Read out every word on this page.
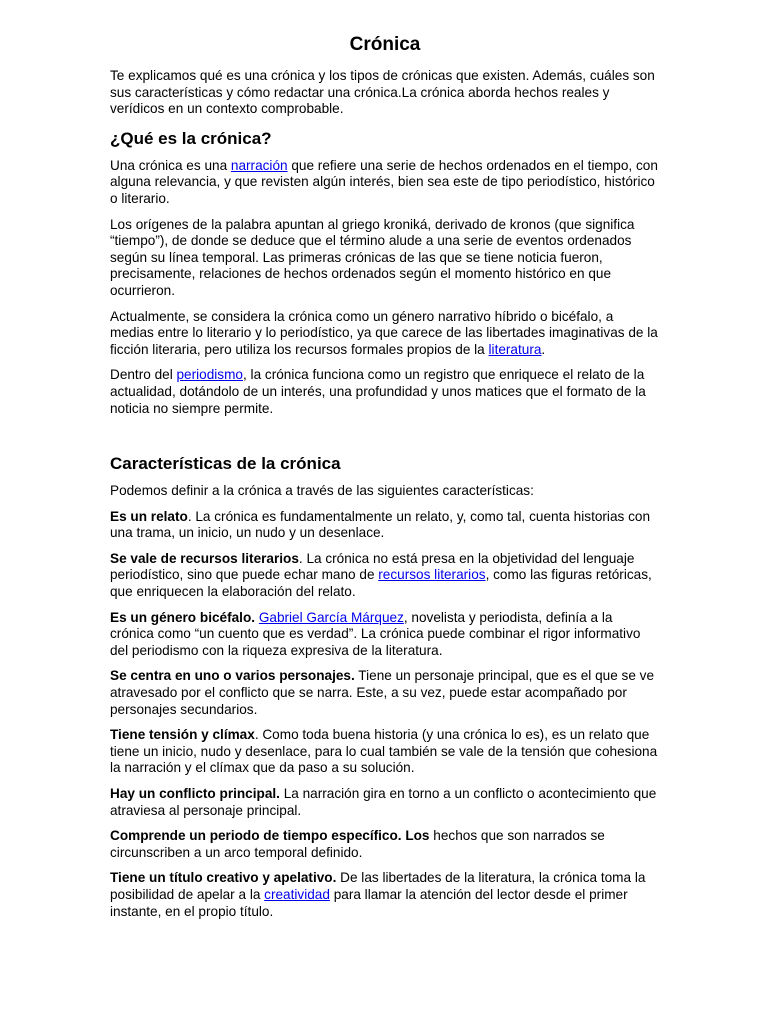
Crónica

Te explicamos qué es una crónica y los tipos de crónicas que existen. Además, cuáles son sus características y cómo redactar una crónica.La crónica aborda hechos reales y verídicos en un contexto comprobable.

¿Qué es la crónica?

Una crónica es una narración que refiere una serie de hechos ordenados en el tiempo, con alguna relevancia, y que revisten algún interés, bien sea este de tipo periodístico, histórico o literario.

Los orígenes de la palabra apuntan al griego kroniká, derivado de kronos (que significa “tiempo”), de donde se deduce que el término alude a una serie de eventos ordenados según su línea temporal. Las primeras crónicas de las que se tiene noticia fueron, precisamente, relaciones de hechos ordenados según el momento histórico en que ocurrieron.

Actualmente, se considera la crónica como un género narrativo híbrido o bicéfalo, a medias entre lo literario y lo periodístico, ya que carece de las libertades imaginativas de la ficción literaria, pero utiliza los recursos formales propios de la literatura.

Dentro del periodismo, la crónica funciona como un registro que enriquece el relato de la actualidad, dotándolo de un interés, una profundidad y unos matices que el formato de la noticia no siempre permite.

Características de la crónica

Podemos definir a la crónica a través de las siguientes características:

Es un relato. La crónica es fundamentalmente un relato, y, como tal, cuenta historias con una trama, un inicio, un nudo y un desenlace.

Se vale de recursos literarios. La crónica no está presa en la objetividad del lenguaje periodístico, sino que puede echar mano de recursos literarios, como las figuras retóricas, que enriquecen la elaboración del relato.

Es un género bicéfalo. Gabriel García Márquez, novelista y periodista, definía a la crónica como “un cuento que es verdad”. La crónica puede combinar el rigor informativo del periodismo con la riqueza expresiva de la literatura.

Se centra en uno o varios personajes. Tiene un personaje principal, que es el que se ve atravesado por el conflicto que se narra. Este, a su vez, puede estar acompañado por personajes secundarios.

Tiene tensión y clímax. Como toda buena historia (y una crónica lo es), es un relato que tiene un inicio, nudo y desenlace, para lo cual también se vale de la tensión que cohesiona la narración y el clímax que da paso a su solución.

Hay un conflicto principal. La narración gira en torno a un conflicto o acontecimiento que atraviesa al personaje principal.

Comprende un periodo de tiempo específico. Los hechos que son narrados se circunscriben a un arco temporal definido.

Tiene un título creativo y apelativo. De las libertades de la literatura, la crónica toma la posibilidad de apelar a la creatividad para llamar la atención del lector desde el primer instante, en el propio título.
